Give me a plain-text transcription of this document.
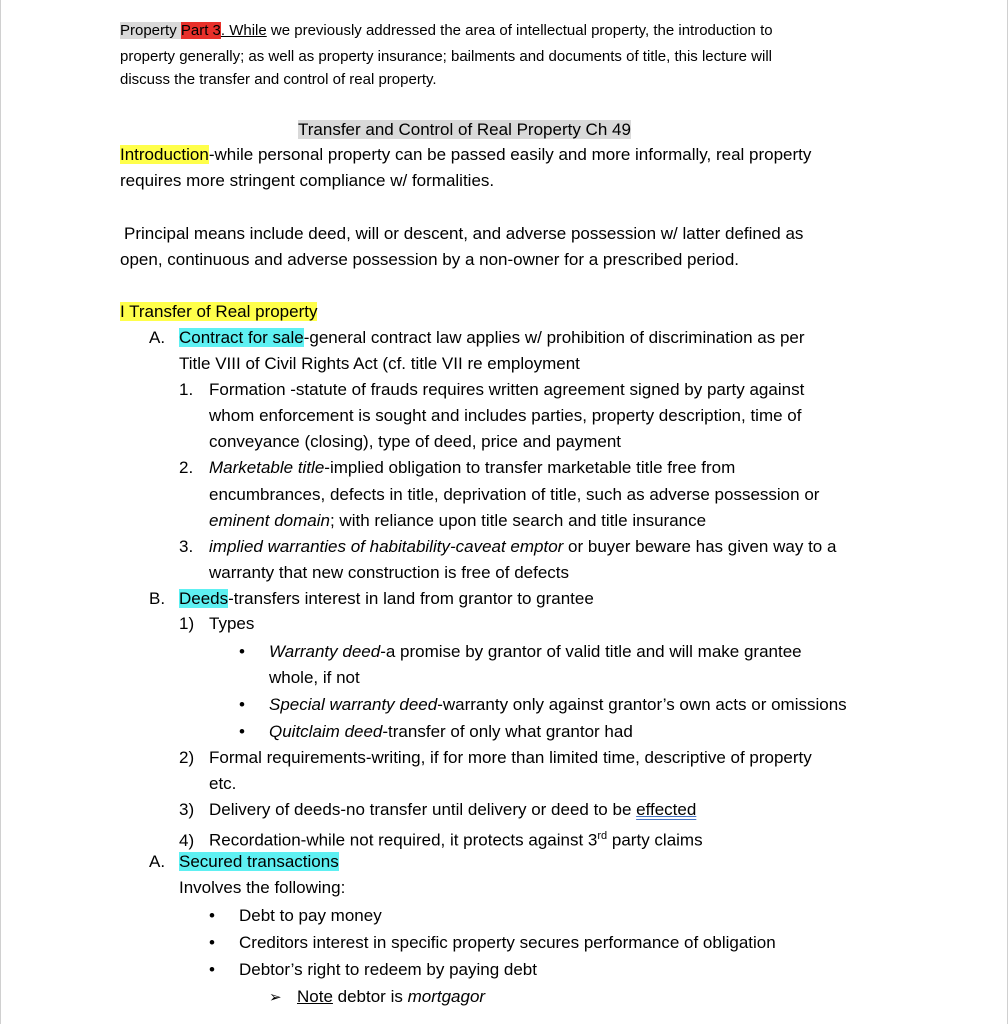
Property Part 3. While we previously addressed the area of intellectual property, the introduction to
property generally; as well as property insurance; bailments and documents of title, this lecture will
discuss the transfer and control of real property.
Transfer and Control of Real Property Ch 49
Introduction-while personal property can be passed easily and more informally, real property
requires more stringent compliance w/ formalities.
Principal means include deed, will or descent, and adverse possession w/ latter defined as
open, continuous and adverse possession by a non-owner for a prescribed period.
I Transfer of Real property
A. Contract for sale-general contract law applies w/ prohibition of discrimination as per
Title VIII of Civil Rights Act (cf. title VII re employment
1. Formation -statute of frauds requires written agreement signed by party against
whom enforcement is sought and includes parties, property description, time of
conveyance (closing), type of deed, price and payment
2. Marketable title-implied obligation to transfer marketable title free from
encumbrances, defects in title, deprivation of title, such as adverse possession or
eminent domain; with reliance upon title search and title insurance
3. implied warranties of habitability-caveat emptor or buyer beware has given way to a
warranty that new construction is free of defects
B. Deeds-transfers interest in land from grantor to grantee
1) Types
• Warranty deed-a promise by grantor of valid title and will make grantee
whole, if not
• Special warranty deed-warranty only against grantor’s own acts or omissions
• Quitclaim deed-transfer of only what grantor had
2) Formal requirements-writing, if for more than limited time, descriptive of property
etc.
3) Delivery of deeds-no transfer until delivery or deed to be effected
4) Recordation-while not required, it protects against 3rd party claims
A. Secured transactions
Involves the following:
• Debt to pay money
• Creditors interest in specific property secures performance of obligation
• Debtor’s right to redeem by paying debt
➢ Note debtor is mortgagor
